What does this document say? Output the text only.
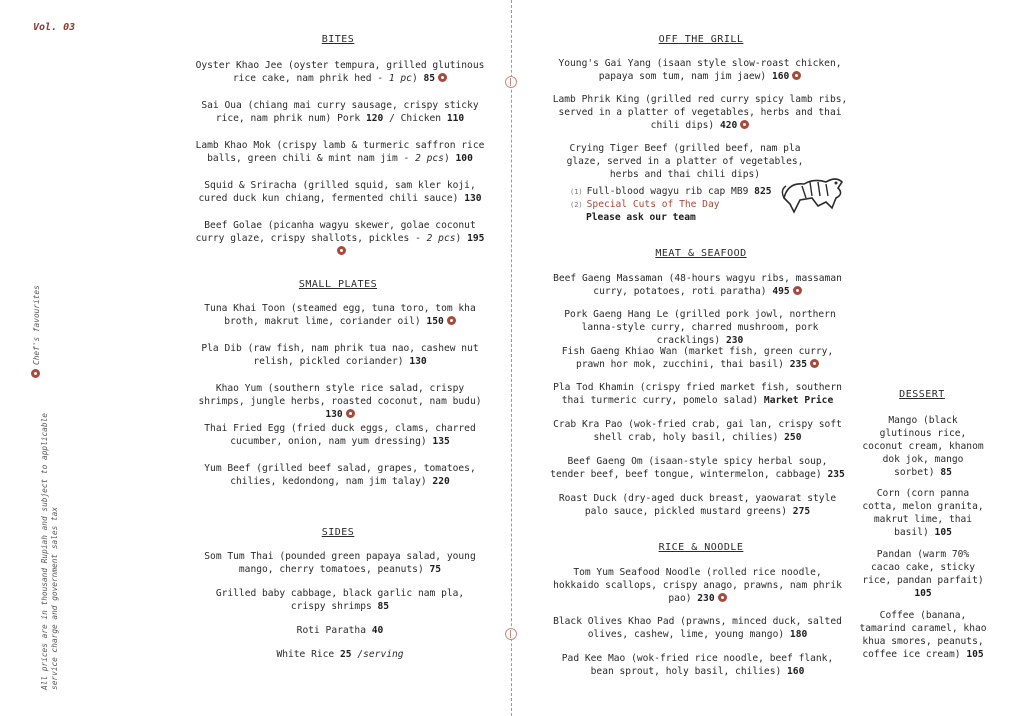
Vol. 03
Chef's favourites
All prices are in thousand Rupiah and subject to applicable service charge and government sales tax
BITES
Oyster Khao Jee (oyster tempura, grilled glutinous rice cake, nam phrik hed - 1 pc) 85
Sai Oua (chiang mai curry sausage, crispy sticky rice, nam phrik num) Pork 120 / Chicken 110
Lamb Khao Mok (crispy lamb & turmeric saffron rice balls, green chili & mint nam jim - 2 pcs) 100
Squid & Sriracha (grilled squid, sam kler koji, cured duck kun chiang, fermented chili sauce) 130
Beef Golae (picanha wagyu skewer, golae coconut curry glaze, crispy shallots, pickles - 2 pcs) 195
SMALL PLATES
Tuna Khai Toon (steamed egg, tuna toro, tom kha broth, makrut lime, coriander oil) 150
Pla Dib (raw fish, nam phrik tua nao, cashew nut relish, pickled coriander) 130
Khao Yum (southern style rice salad, crispy shrimps, jungle herbs, roasted coconut, nam budu) 130
Thai Fried Egg (fried duck eggs, clams, charred cucumber, onion, nam yum dressing) 135
Yum Beef (grilled beef salad, grapes, tomatoes, chilies, kedondong, nam jim talay) 220
SIDES
Som Tum Thai (pounded green papaya salad, young mango, cherry tomatoes, peanuts) 75
Grilled baby cabbage, black garlic nam pla, crispy shrimps 85
Roti Paratha 40
White Rice 25 /serving
OFF THE GRILL
Young's Gai Yang (isaan style slow-roast chicken, papaya som tum, nam jim jaew) 160
Lamb Phrik King (grilled red curry spicy lamb ribs, served in a platter of vegetables, herbs and thai chili dips) 420
Crying Tiger Beef (grilled beef, nam pla glaze, served in a platter of vegetables, herbs and thai chili dips)
(1) Full-blood wagyu rib cap MB9 825
(2) Special Cuts of The Day
Please ask our team
MEAT & SEAFOOD
Beef Gaeng Massaman (48-hours wagyu ribs, massaman curry, potatoes, roti paratha) 495
Pork Gaeng Hang Le (grilled pork jowl, northern lanna-style curry, charred mushroom, pork cracklings) 230
Fish Gaeng Khiao Wan (market fish, green curry, prawn hor mok, zucchini, thai basil) 235
Pla Tod Khamin (crispy fried market fish, southern thai turmeric curry, pomelo salad) Market Price
Crab Kra Pao (wok-fried crab, gai lan, crispy soft shell crab, holy basil, chilies) 250
Beef Gaeng Om (isaan-style spicy herbal soup, tender beef, beef tongue, wintermelon, cabbage) 235
Roast Duck (dry-aged duck breast, yaowarat style palo sauce, pickled mustard greens) 275
RICE & NOODLE
Tom Yum Seafood Noodle (rolled rice noodle, hokkaido scallops, crispy anago, prawns, nam phrik pao) 230
Black Olives Khao Pad (prawns, minced duck, salted olives, cashew, lime, young mango) 180
Pad Kee Mao (wok-fried rice noodle, beef flank, bean sprout, holy basil, chilies) 160
DESSERT
Mango (black glutinous rice, coconut cream, khanom dok jok, mango sorbet) 85
Corn (corn panna cotta, melon granita, makrut lime, thai basil) 105
Pandan (warm 70% cacao cake, sticky rice, pandan parfait) 105
Coffee (banana, tamarind caramel, khao khua smores, peanuts, coffee ice cream) 105
